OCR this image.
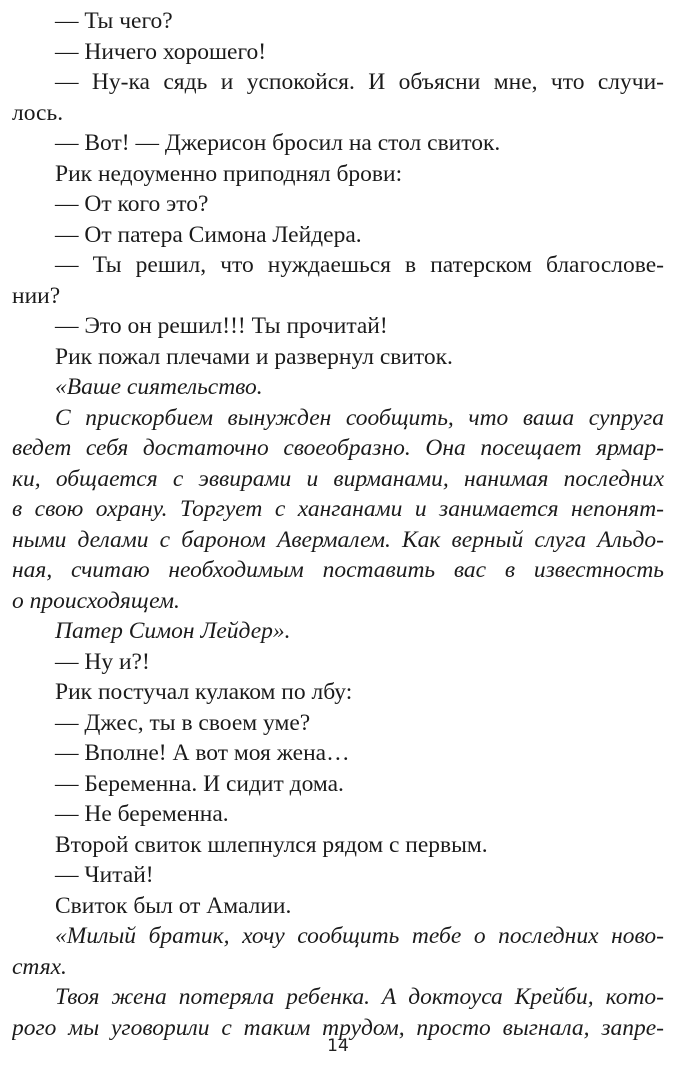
— Ты чего?
— Ничего хорошего!
— Ну-ка сядь и успокойся. И объясни мне, что случи-
лось.
— Вот! — Джерисон бросил на стол свиток.
Рик недоуменно приподнял брови:
— От кого это?
— От патера Симона Лейдера.
— Ты решил, что нуждаешься в патерском благослове-
нии?
— Это он решил!!! Ты прочитай!
Рик пожал плечами и развернул свиток.
«Ваше сиятельство.
С прискорбием вынужден сообщить, что ваша супруга
ведет себя достаточно своеобразно. Она посещает ярмар-
ки, общается с эввирами и вирманами, нанимая последних
в свою охрану. Торгует с ханганами и занимается непонят-
ными делами с бароном Авермалем. Как верный слуга Альдо-
ная, считаю необходимым поставить вас в известность
о происходящем.
Патер Симон Лейдер».
— Ну и?!
Рик постучал кулаком по лбу:
— Джес, ты в своем уме?
— Вполне! А вот моя жена…
— Беременна. И сидит дома.
— Не беременна.
Второй свиток шлепнулся рядом с первым.
— Читай!
Свиток был от Амалии.
«Милый братик, хочу сообщить тебе о последних ново-
стях.
Твоя жена потеряла ребенка. А доктоуса Крейби, кото-
рого мы уговорили с таким трудом, просто выгнала, запре-
14
